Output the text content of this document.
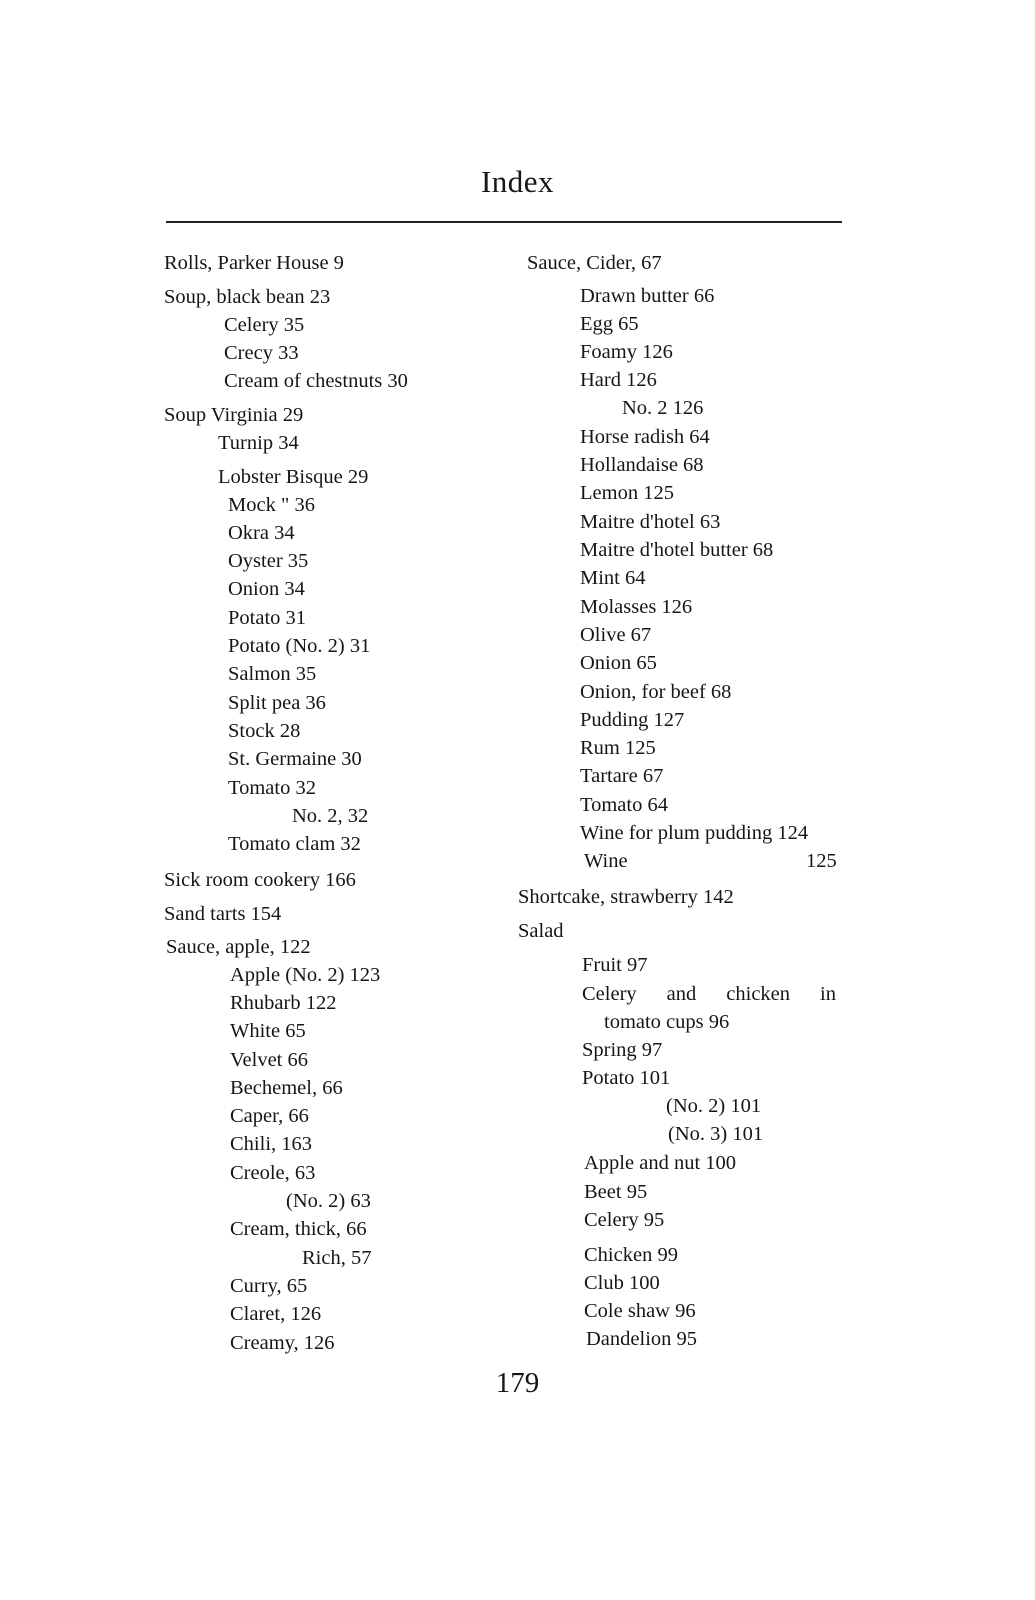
Index
Rolls, Parker House 9
Soup, black bean 23
Celery 35
Crecy 33
Cream of chestnuts 30
Soup Virginia 29
Turnip 34
Lobster Bisque 29
Mock " 36
Okra 34
Oyster 35
Onion 34
Potato 31
Potato (No. 2) 31
Salmon 35
Split pea 36
Stock 28
St. Germaine 30
Tomato 32
No. 2, 32
Tomato clam 32
Sick room cookery 166
Sand tarts 154
Sauce, apple, 122
Apple (No. 2) 123
Rhubarb 122
White 65
Velvet 66
Bechemel, 66
Caper, 66
Chili, 163
Creole, 63
(No. 2) 63
Cream, thick, 66
Rich, 57
Curry, 65
Claret, 126
Creamy, 126
Sauce, Cider, 67
Drawn butter 66
Egg 65
Foamy 126
Hard 126
No. 2 126
Horse radish 64
Hollandaise 68
Lemon 125
Maitre d'hotel 63
Maitre d'hotel butter 68
Mint 64
Molasses 126
Olive 67
Onion 65
Onion, for beef 68
Pudding 127
Rum 125
Tartare 67
Tomato 64
Wine for plum pudding 124
Wine	125
Shortcake, strawberry 142
Salad
Fruit 97
Celery and chicken in
tomato cups 96
Spring 97
Potato 101
(No. 2) 101
(No. 3) 101
Apple and nut 100
Beet 95
Celery 95
Chicken 99
Club 100
Cole shaw 96
Dandelion 95
179
